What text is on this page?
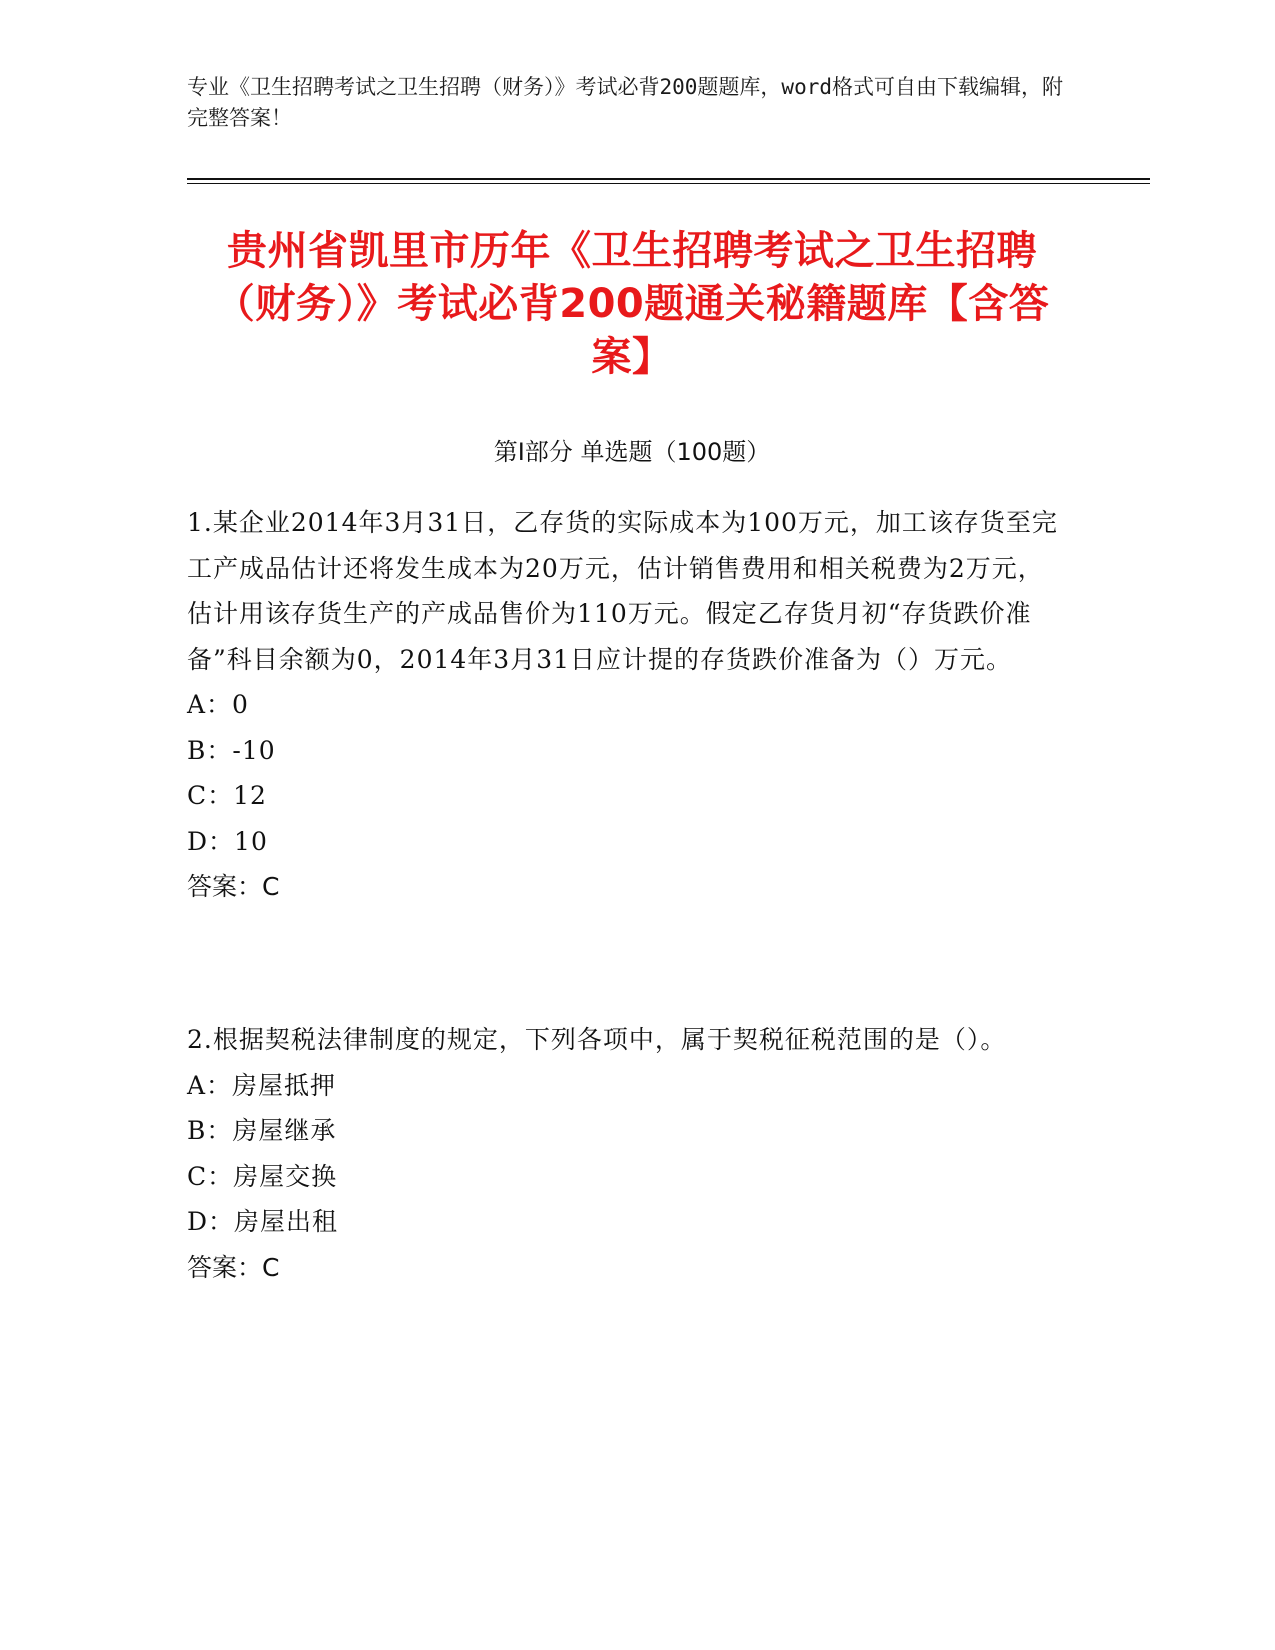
专业《卫生招聘考试之卫生招聘（财务）》考试必背200题题库，word格式可自由下载编辑，附完整答案！
贵州省凯里市历年《卫生招聘考试之卫生招聘（财务）》考试必背200题通关秘籍题库【含答案】
第Ⅰ部分 单选题（100题）

1.某企业2014年3月31日，乙存货的实际成本为100万元，加工该存货至完工产成品估计还将发生成本为20万元，估计销售费用和相关税费为2万元，估计用该存货生产的产成品售价为110万元。假定乙存货月初“存货跌价准备”科目余额为0，2014年3月31日应计提的存货跌价准备为（）万元。

A：0

B：-10

C：12

D：10

答案：C

2.根据契税法律制度的规定，下列各项中，属于契税征税范围的是（）。

A：房屋抵押

B：房屋继承

C：房屋交换

D：房屋出租

答案：C
